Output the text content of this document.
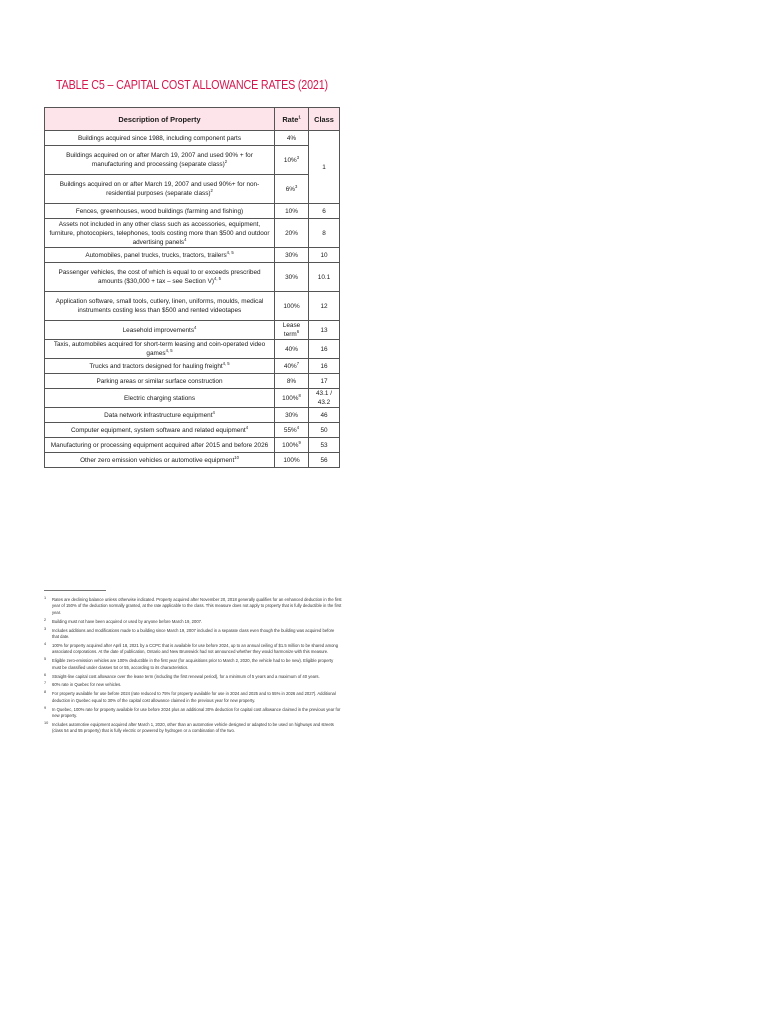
TABLE C5 – CAPITAL COST ALLOWANCE RATES (2021)
Description of Property	Rate$^1$	Class
Buildings acquired since 1988, including component parts	4%	1
Buildings acquired on or after March 19, 2007 and used 90% + for manufacturing and processing (separate class)$^2$	10%$^3$
Buildings acquired on or after March 19, 2007 and used 90%+ for non-residential purposes (separate class)$^2$	6%$^3$
Fences, greenhouses, wood buildings (farming and fishing)	10%	6
Assets not included in any other class such as accessories, equipment, furniture, photocopiers, telephones, tools costing more than $500 and outdoor advertising panels$^4$	20%	8
Automobiles, panel trucks, trucks, tractors, trailers$^{4, 5}$	30%	10
Passenger vehicles, the cost of which is equal to or exceeds prescribed amounts ($30,000 + tax – see Section V)$^{4, 5}$	30%	10.1
Application software, small tools, cutlery, linen, uniforms, moulds, medical instruments costing less than $500 and rented videotapes	100%	12
Leasehold improvements$^4$	Lease term$^6$	13
Taxis, automobiles acquired for short-term leasing and coin-operated video games$^{4, 5}$	40%	16
Trucks and tractors designed for hauling freight$^{4, 5}$	40%$^7$	16
Parking areas or similar surface construction	8%	17
Electric charging stations	100%$^8$	43.1 / 43.2
Data network infrastructure equipment$^4$	30%	46
Computer equipment, system software and related equipment$^4$	55%$^4$	50
Manufacturing or processing equipment acquired after 2015 and before 2026	100%$^9$	53
Other zero emission vehicles or automotive equipment$^{10}$	100%	56
1 Rates are declining balance unless otherwise indicated. Property acquired after November 20, 2018 generally qualifies for an enhanced deduction in the first year of 150% of the deduction normally granted, at the rate applicable to the class. This measure does not apply to property that is fully deductible in the first year.
2 Building must not have been acquired or used by anyone before March 19, 2007.
3 Includes additions and modifications made to a building since March 19, 2007 included in a separate class even though the building was acquired before that date.
4 100% for property acquired after April 18, 2021 by a CCPC that is available for use before 2024, up to an annual ceiling of $1.5 million to be shared among associated corporations. At the date of publication, Ontario and New Brunswick had not announced whether they would harmonize with this measure.
5 Eligible zero-emission vehicles are 100% deductible in the first year (for acquisitions prior to March 2, 2020, the vehicle had to be new). Eligible property must be classified under classes 54 or 55, according to its characteristics.
6 Straight-line capital cost allowance over the lease term (including the first renewal period), for a minimum of 5 years and a maximum of 40 years.
7 60% rate in Quebec for new vehicles.
8 For property available for use before 2024 (rate reduced to 75% for property available for use in 2024 and 2025 and to 55% in 2026 and 2027). Additional deduction in Quebec equal to 30% of the capital cost allowance claimed in the previous year for new property.
9 In Quebec, 100% rate for property available for use before 2024 plus an additional 30% deduction for capital cost allowance claimed in the previous year for new property.
10 Includes automotive equipment acquired after March 1, 2020, other than an automotive vehicle designed or adapted to be used on highways and streets (class 54 and 55 property) that is fully electric or powered by hydrogen or a combination of the two.
